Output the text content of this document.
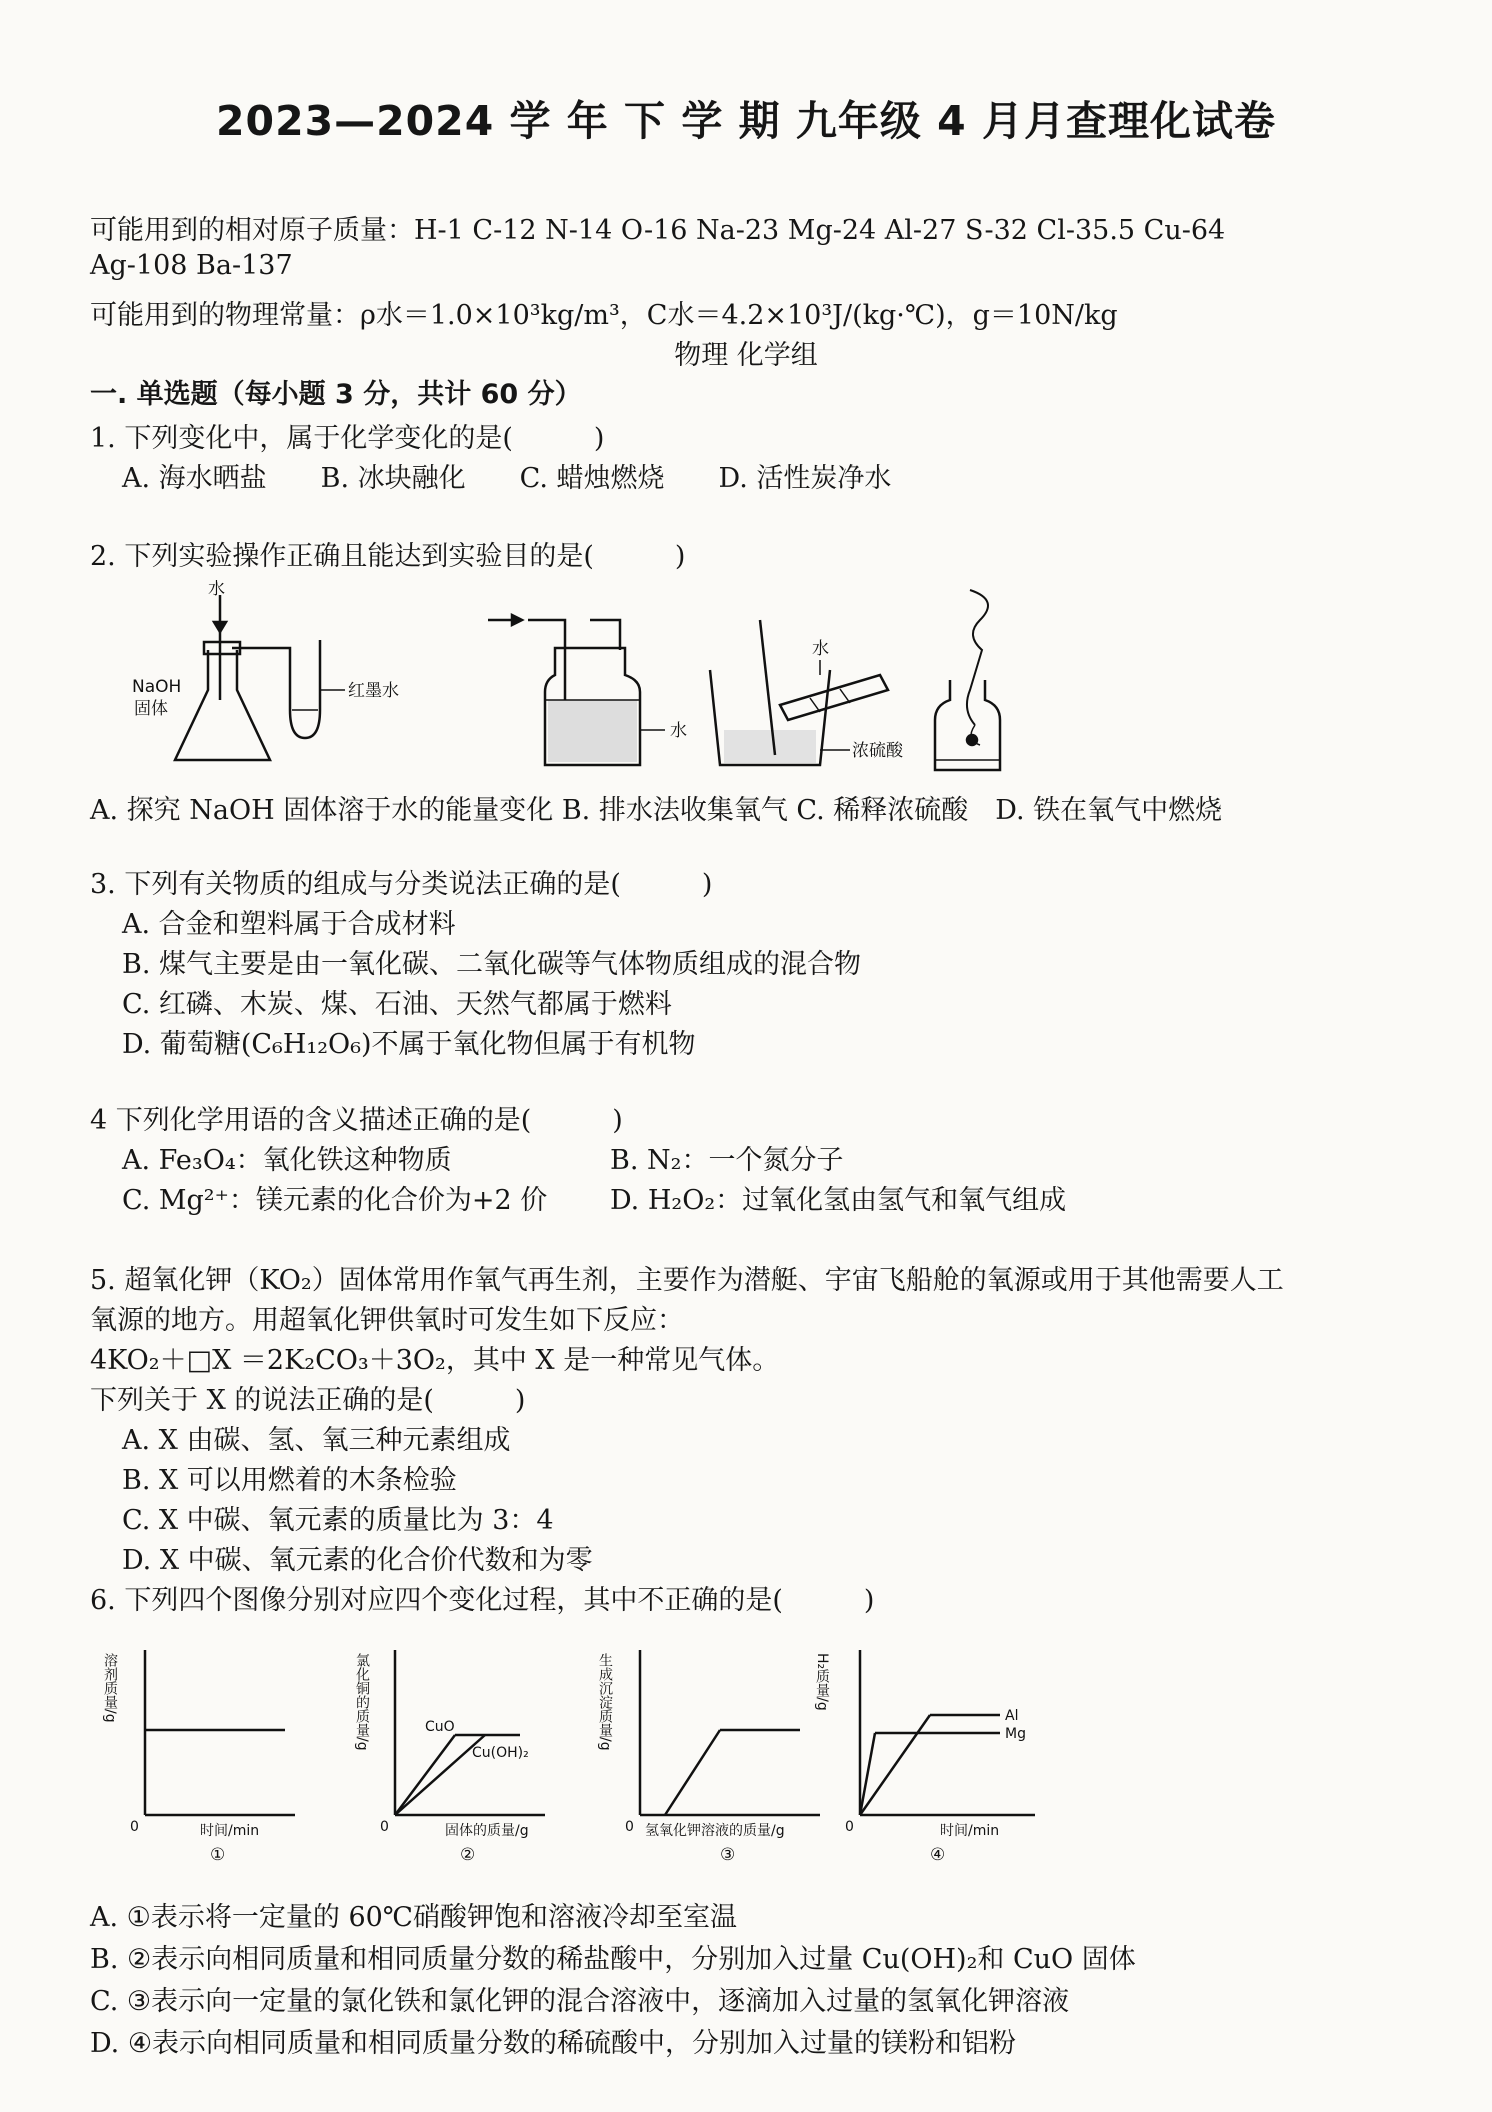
2023—2024 学 年 下 学 期 九年级 4 月月查理化试卷
可能用到的相对原子质量：H-1 C-12 N-14 O-16 Na-23 Mg-24 Al-27 S-32 Cl-35.5 Cu-64
Ag-108 Ba-137
可能用到的物理常量：ρ水＝1.0×10³kg/m³，C水＝4.2×10³J/(kg·℃)，g＝10N/kg
物理 化学组
一. 单选题（每小题 3 分，共计 60 分）
1. 下列变化中，属于化学变化的是(　　　)
A. 海水晒盐　　B. 冰块融化　　C. 蜡烛燃烧　　D. 活性炭净水
2. 下列实验操作正确且能达到实验目的是(　　　)
水
NaOH
固体
红墨水
水
水
浓硫酸
A. 探究 NaOH 固体溶于水的能量变化 B. 排水法收集氧气 C. 稀释浓硫酸　D. 铁在氧气中燃烧
3. 下列有关物质的组成与分类说法正确的是(　　　)
A. 合金和塑料属于合成材料
B. 煤气主要是由一氧化碳、二氧化碳等气体物质组成的混合物
C. 红磷、木炭、煤、石油、天然气都属于燃料
D. 葡萄糖(C₆H₁₂O₆)不属于氧化物但属于有机物
4 下列化学用语的含义描述正确的是(　　　)
A. Fe₃O₄：氧化铁这种物质	B. N₂：一个氮分子
C. Mg²⁺：镁元素的化合价为+2 价 D. H₂O₂：过氧化氢由氢气和氧气组成
5. 超氧化钾（KO₂）固体常用作氧气再生剂，主要作为潜艇、宇宙飞船舱的氧源或用于其他需要人工
氧源的地方。用超氧化钾供氧时可发生如下反应：
4KO₂＋□X ＝2K₂CO₃＋3O₂，其中 X 是一种常见气体。
下列关于 X 的说法正确的是(　　　)
A. X 由碳、氢、氧三种元素组成
B. X 可以用燃着的木条检验
C. X 中碳、氧元素的质量比为 3：4
D. X 中碳、氧元素的化合价代数和为零
6. 下列四个图像分别对应四个变化过程，其中不正确的是(　　　)
溶剂质量/g
0	时间/min
①
氯化铜的质量/g	CuO
Cu(OH)₂
0	固体的质量/g
②
生成沉淀质量/g
0 氢氧化钾溶液的质量/g
③
H₂质量/g
Al
Mg
0	时间/min
④
A. ①表示将一定量的 60℃硝酸钾饱和溶液冷却至室温
B. ②表示向相同质量和相同质量分数的稀盐酸中，分别加入过量 Cu(OH)₂和 CuO 固体
C. ③表示向一定量的氯化铁和氯化钾的混合溶液中，逐滴加入过量的氢氧化钾溶液
D. ④表示向相同质量和相同质量分数的稀硫酸中，分别加入过量的镁粉和铝粉
